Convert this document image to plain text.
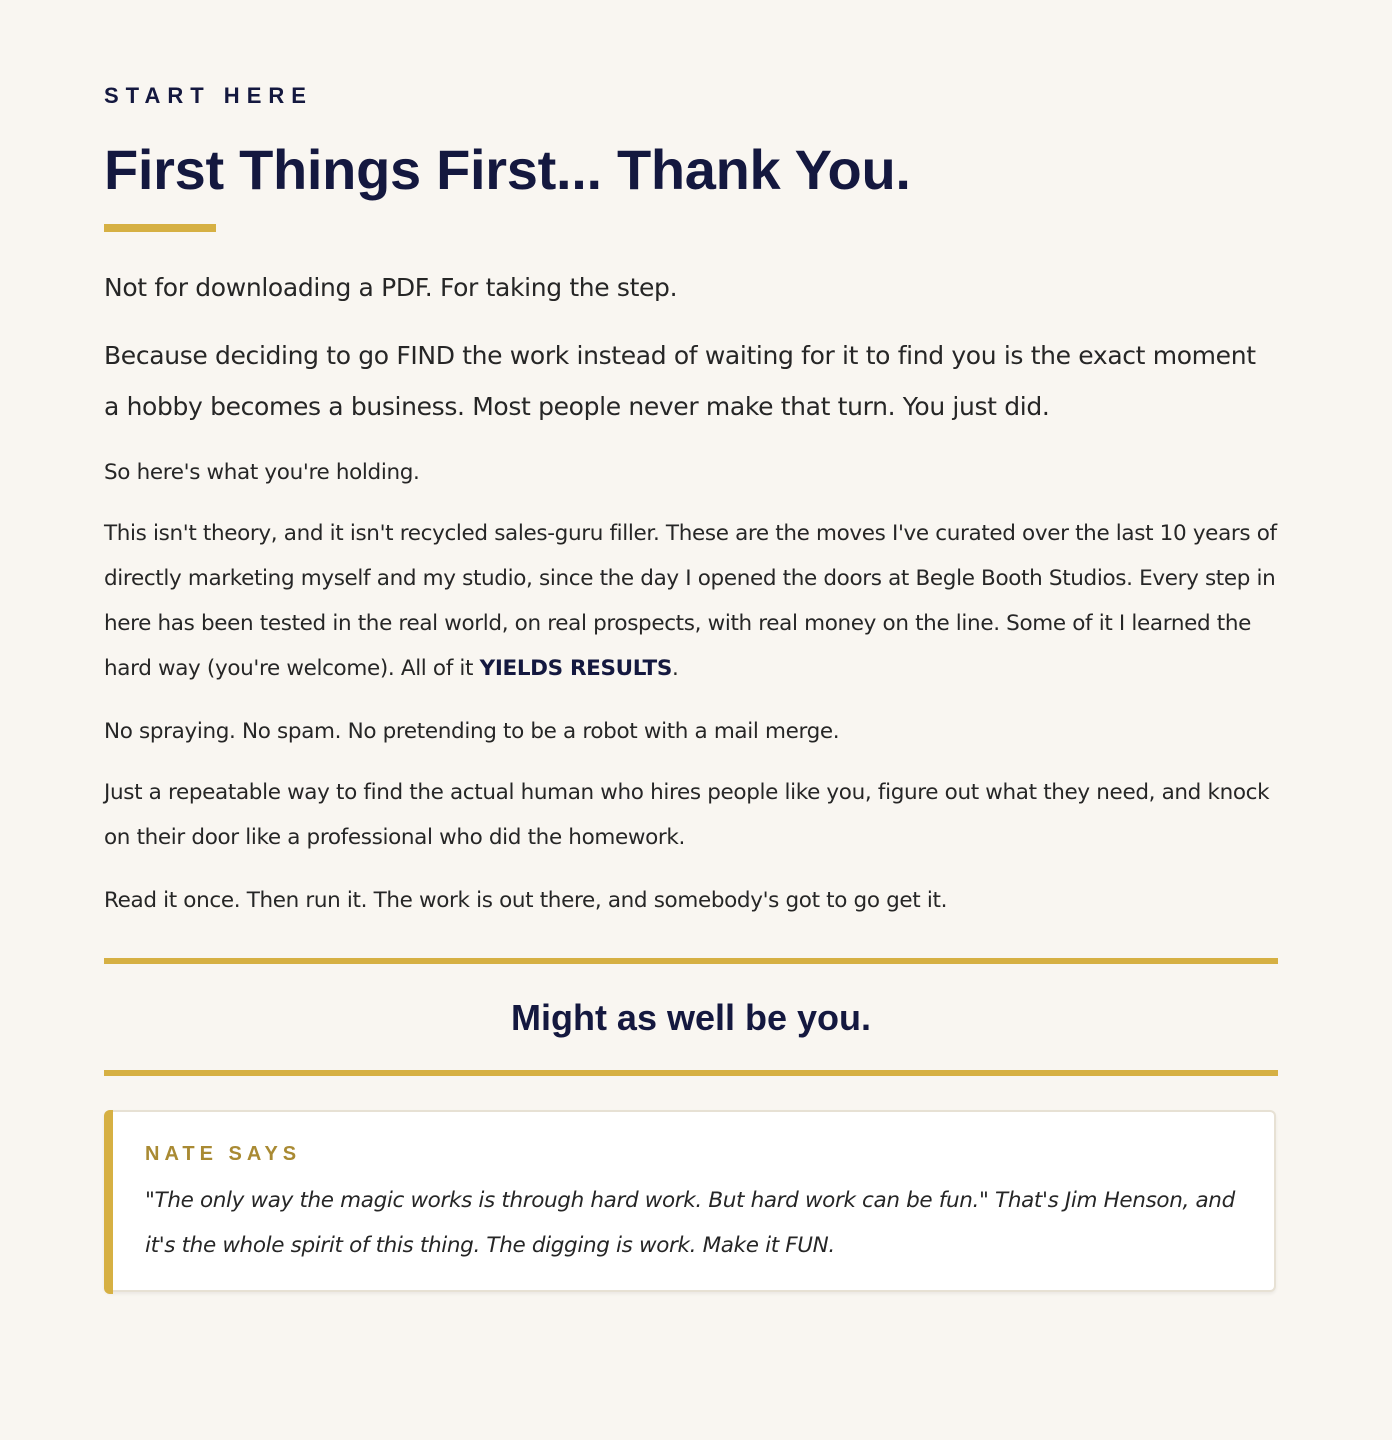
START HERE

First Things First... Thank You.

Not for downloading a PDF. For taking the step.

Because deciding to go FIND the work instead of waiting for it to find you is the exact moment a hobby becomes a business. Most people never make that turn. You just did.

So here's what you're holding.

This isn't theory, and it isn't recycled sales-guru filler. These are the moves I've curated over the last 10 years of directly marketing myself and my studio, since the day I opened the doors at Begle Booth Studios. Every step in here has been tested in the real world, on real prospects, with real money on the line. Some of it I learned the hard way (you're welcome). All of it YIELDS RESULTS.

No spraying. No spam. No pretending to be a robot with a mail merge.

Just a repeatable way to find the actual human who hires people like you, figure out what they need, and knock on their door like a professional who did the homework.

Read it once. Then run it. The work is out there, and somebody's got to go get it.

Might as well be you.

NATE SAYS

"The only way the magic works is through hard work. But hard work can be fun." That's Jim Henson, and it's the whole spirit of this thing. The digging is work. Make it FUN.
